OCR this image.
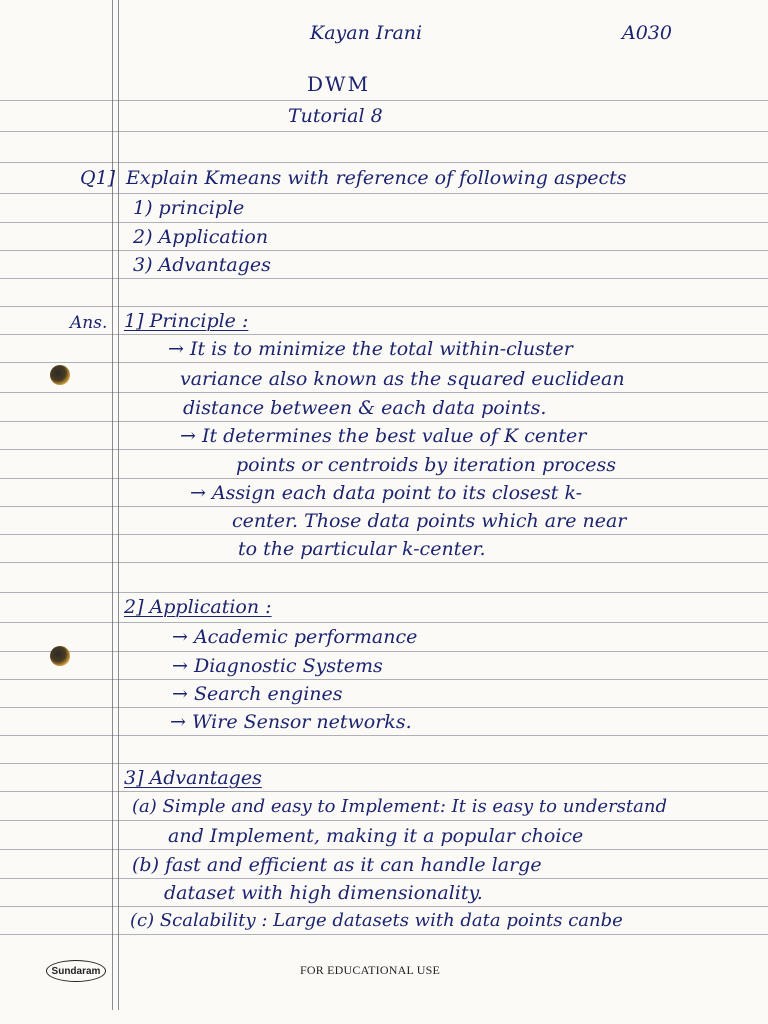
Kayan Irani	A030
DWM
Tutorial 8
Q1] Explain Kmeans with reference of following aspects
1) principle
2) Application
3) Advantages
Ans. 1] Principle :
→ It is to minimize the total within-cluster
variance also known as the squared euclidean
distance between & each data points.
→ It determines the best value of K center
points or centroids by iteration process
→ Assign each data point to its closest k-
center. Those data points which are near
to the particular k-center.
2] Application :
→ Academic performance
→ Diagnostic Systems
→ Search engines
→ Wire Sensor networks.
3] Advantages
(a) Simple and easy to Implement: It is easy to understand
and Implement, making it a popular choice
(b) fast and efficient as it can handle large
dataset with high dimensionality.
(c) Scalability : Large datasets with data points canbe
Sundaram	FOR EDUCATIONAL USE
